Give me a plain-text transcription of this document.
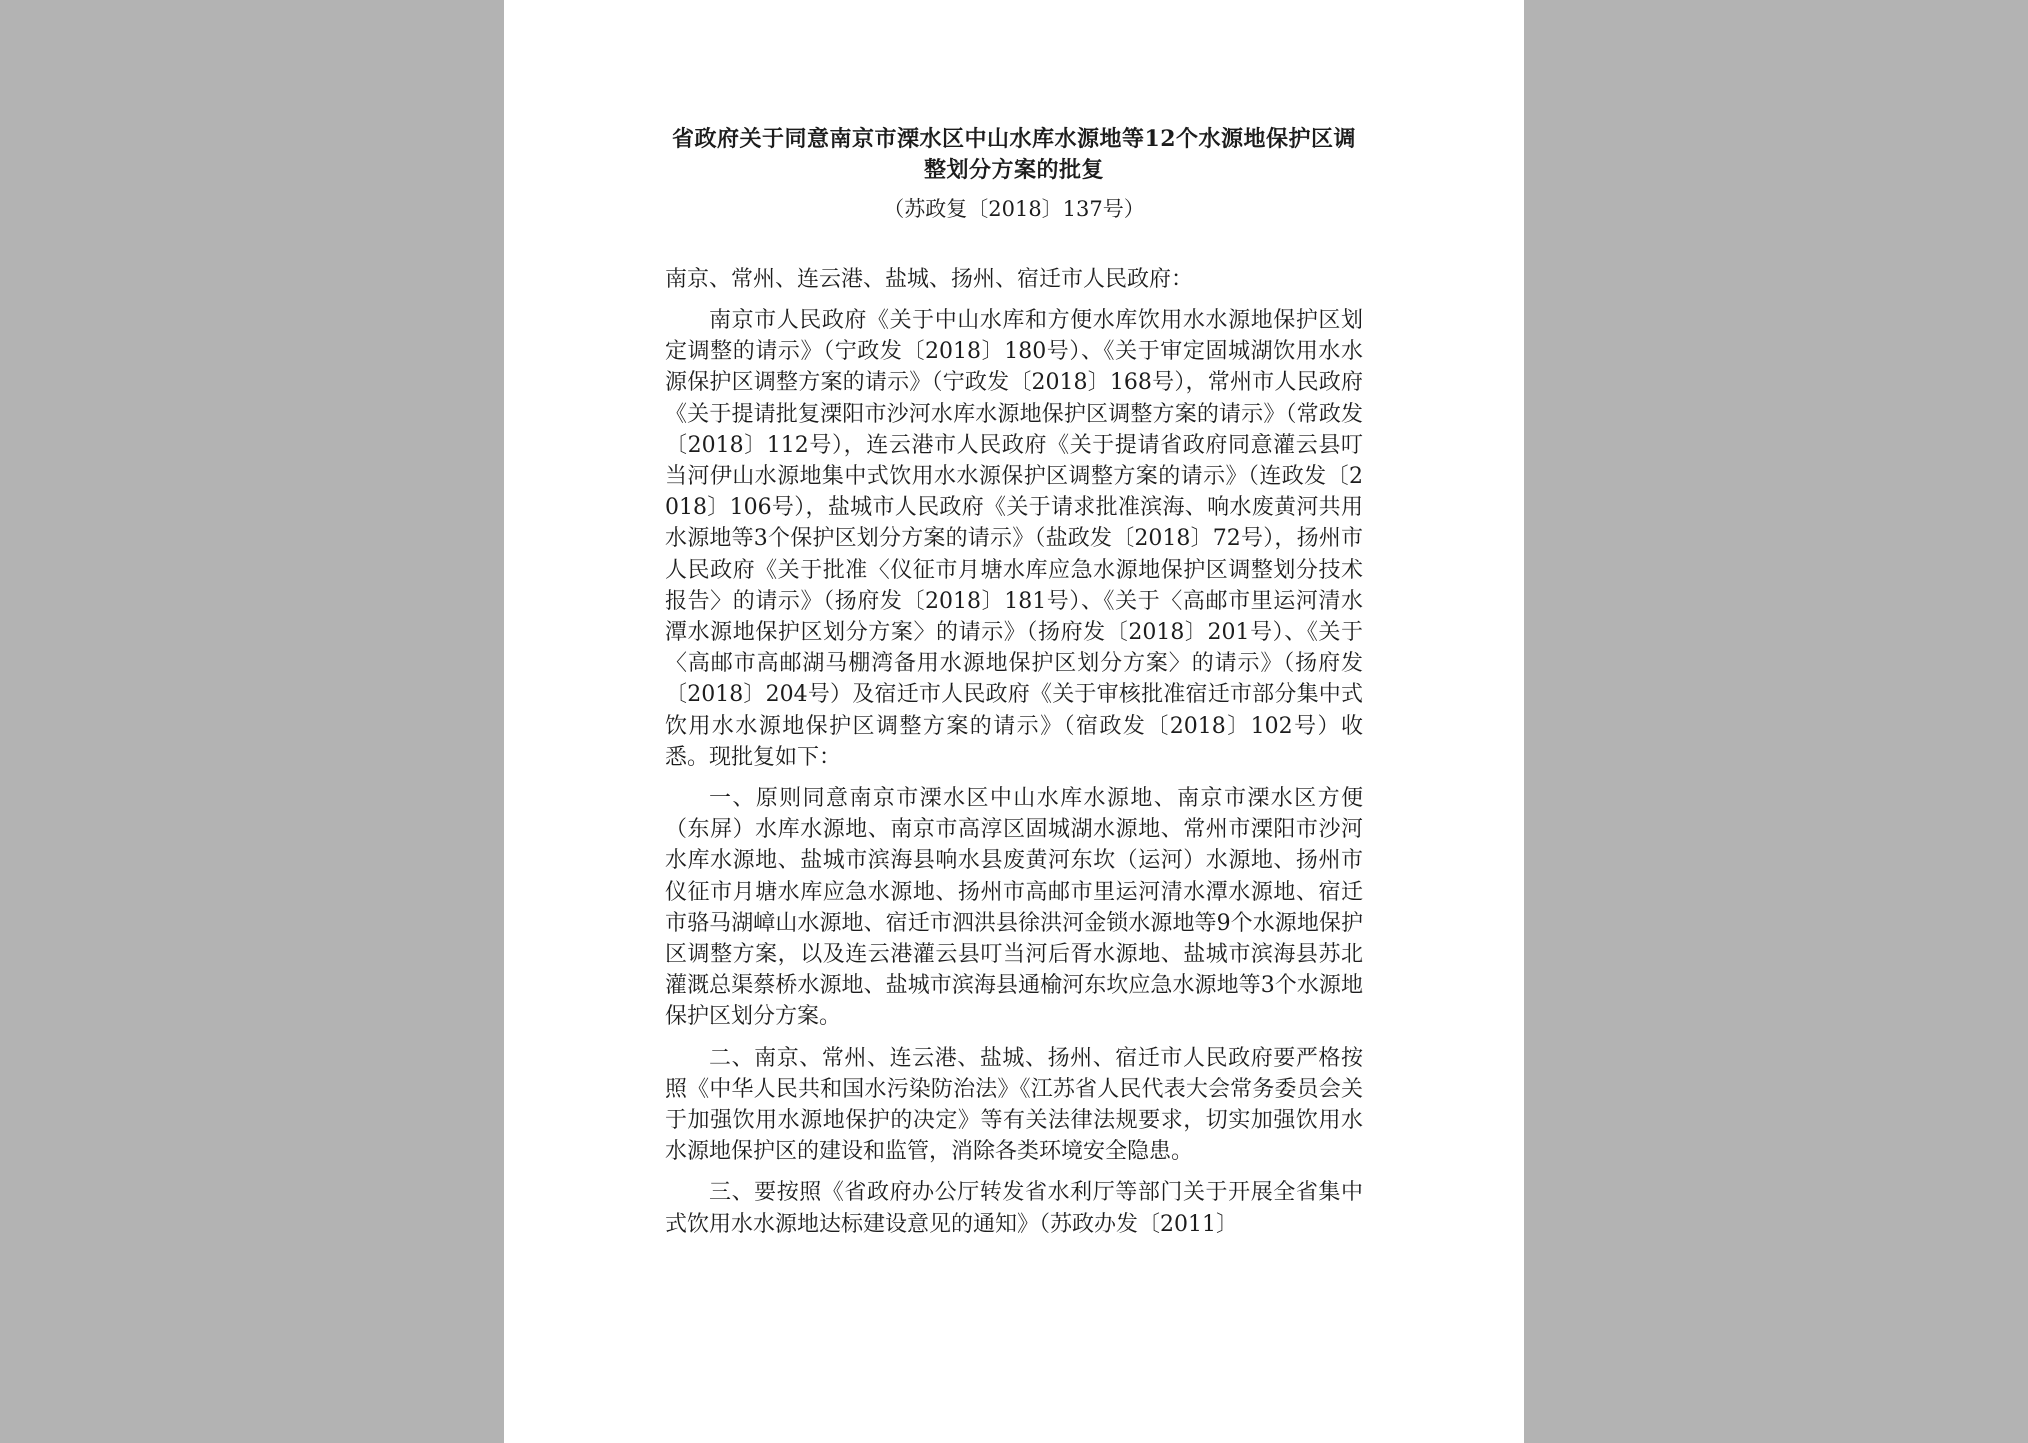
省政府关于同意南京市溧水区中山水库水源地等12个水源地保护区调整划分方案的批复

（苏政复〔2018〕137号）

南京、常州、连云港、盐城、扬州、宿迁市人民政府：

南京市人民政府《关于中山水库和方便水库饮用水水源地保护区划定调整的请示》（宁政发〔2018〕180号）、《关于审定固城湖饮用水水源保护区调整方案的请示》（宁政发〔2018〕168号），常州市人民政府《关于提请批复溧阳市沙河水库水源地保护区调整方案的请示》（常政发〔2018〕112号），连云港市人民政府《关于提请省政府同意灌云县叮当河伊山水源地集中式饮用水水源保护区调整方案的请示》（连政发〔2018〕106号），盐城市人民政府《关于请求批准滨海、响水废黄河共用水源地等3个保护区划分方案的请示》（盐政发〔2018〕72号），扬州市人民政府《关于批准〈仪征市月塘水库应急水源地保护区调整划分技术报告〉的请示》（扬府发〔2018〕181号）、《关于〈高邮市里运河清水潭水源地保护区划分方案〉的请示》（扬府发〔2018〕201号）、《关于〈高邮市高邮湖马棚湾备用水源地保护区划分方案〉的请示》（扬府发〔2018〕204号）及宿迁市人民政府《关于审核批准宿迁市部分集中式饮用水水源地保护区调整方案的请示》（宿政发〔2018〕102号）收悉。现批复如下：

一、原则同意南京市溧水区中山水库水源地、南京市溧水区方便（东屏）水库水源地、南京市高淳区固城湖水源地、常州市溧阳市沙河水库水源地、盐城市滨海县响水县废黄河东坎（运河）水源地、扬州市仪征市月塘水库应急水源地、扬州市高邮市里运河清水潭水源地、宿迁市骆马湖嶂山水源地、宿迁市泗洪县徐洪河金锁水源地等9个水源地保护区调整方案，以及连云港灌云县叮当河后胥水源地、盐城市滨海县苏北灌溉总渠蔡桥水源地、盐城市滨海县通榆河东坎应急水源地等3个水源地保护区划分方案。

二、南京、常州、连云港、盐城、扬州、宿迁市人民政府要严格按照《中华人民共和国水污染防治法》《江苏省人民代表大会常务委员会关于加强饮用水源地保护的决定》等有关法律法规要求，切实加强饮用水水源地保护区的建设和监管，消除各类环境安全隐患。

三、要按照《省政府办公厅转发省水利厅等部门关于开展全省集中式饮用水水源地达标建设意见的通知》（苏政办发〔2011〕
